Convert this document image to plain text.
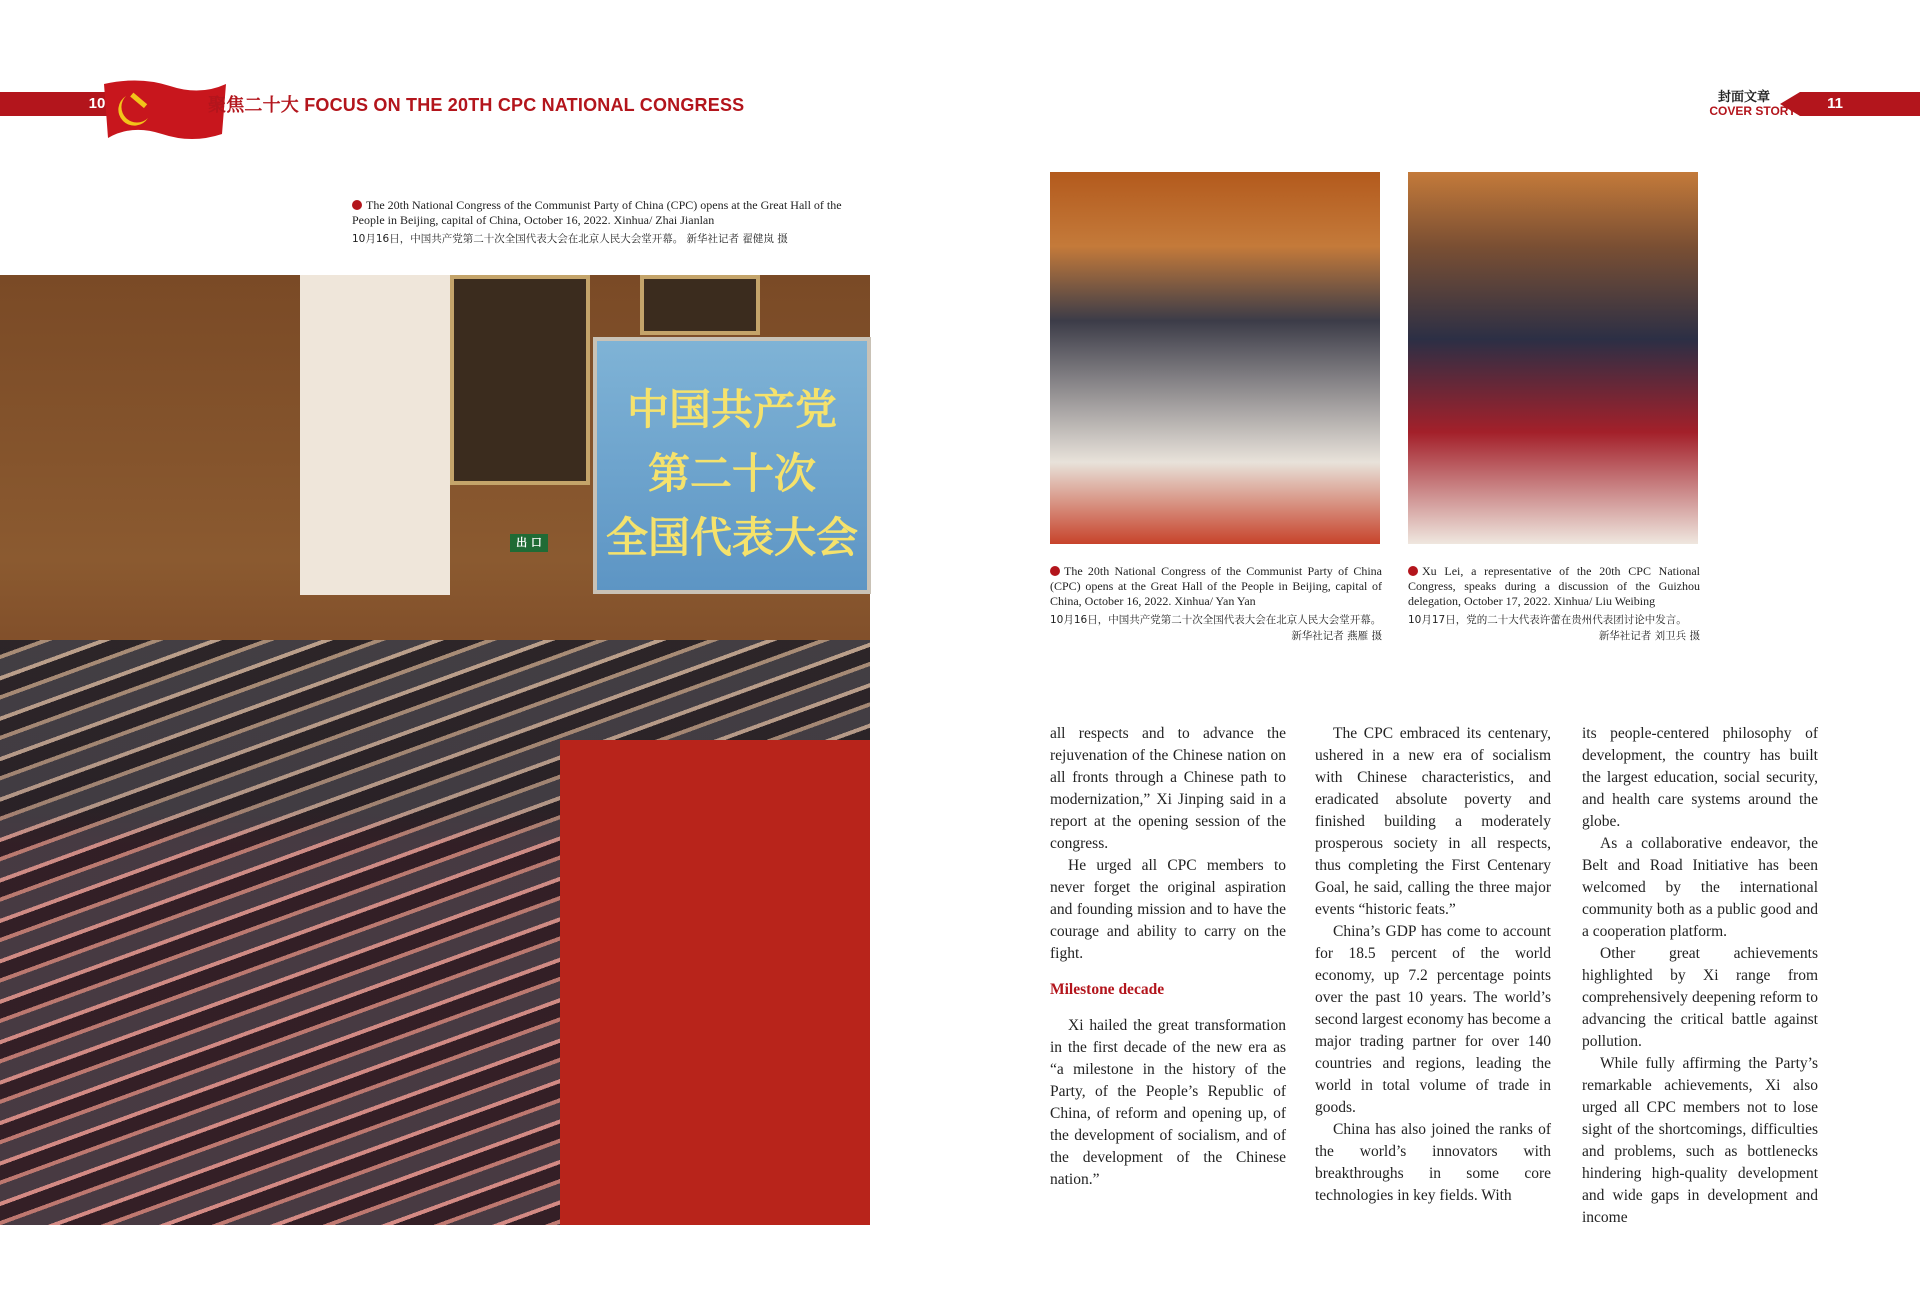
10	聚焦二十大 FOCUS ON THE 20TH CPC NATIONAL CONGRESS	封面文章
COVER STORY	11
The 20th National Congress of the Communist Party of China (CPC) opens at the Great Hall of the People in Beijing, capital of China, October 16, 2022. Xinhua/ Zhai Jianlan
10月16日，中国共产党第二十次全国代表大会在北京人民大会堂开幕。 新华社记者 翟健岚 摄
中国共产党
第二十次
全国代表大会
出 口
The 20th National Congress of the Communist Party of China (CPC) opens at the Great Hall of the People in Beijing, capital of China, October 16, 2022. Xinhua/ Yan Yan
10月16日，中国共产党第二十次全国代表大会在北京人民大会堂开幕。
新华社记者 燕雁 摄
Xu Lei, a representative of the 20th CPC National Congress, speaks during a discussion of the Guizhou delegation, October 17, 2022. Xinhua/ Liu Weibing
10月17日，党的二十大代表许蕾在贵州代表团讨论中发言。
新华社记者 刘卫兵 摄

all respects and to advance the rejuvenation of the Chinese nation on all fronts through a Chinese path to modernization,” Xi Jinping said in a report at the opening session of the congress.

He urged all CPC members to never forget the original aspiration and founding mission and to have the courage and ability to carry on the fight.

Milestone decade

Xi hailed the great transformation in the first decade of the new era as “a milestone in the history of the Party, of the People’s Republic of China, of reform and opening up, of the development of socialism, and of the development of the Chinese nation.”

The CPC embraced its centenary, ushered in a new era of socialism with Chinese characteristics, and eradicated absolute poverty and finished building a moderately prosperous society in all respects, thus completing the First Centenary Goal, he said, calling the three major events “historic feats.”

China’s GDP has come to account for 18.5 percent of the world economy, up 7.2 percentage points over the past 10 years. The world’s second largest economy has become a major trading partner for over 140 countries and regions, leading the world in total volume of trade in goods.

China has also joined the ranks of the world’s innovators with breakthroughs in some core technologies in key fields. With

its people-centered philosophy of development, the country has built the largest education, social security, and health care systems around the globe.

As a collaborative endeavor, the Belt and Road Initiative has been welcomed by the international community both as a public good and a cooperation platform.

Other great achievements highlighted by Xi range from comprehensively deepening reform to advancing the critical battle against pollution.

While fully affirming the Party’s remarkable achievements, Xi also urged all CPC members not to lose sight of the shortcomings, difficulties and problems, such as bottlenecks hindering high-quality development and wide gaps in development and income
